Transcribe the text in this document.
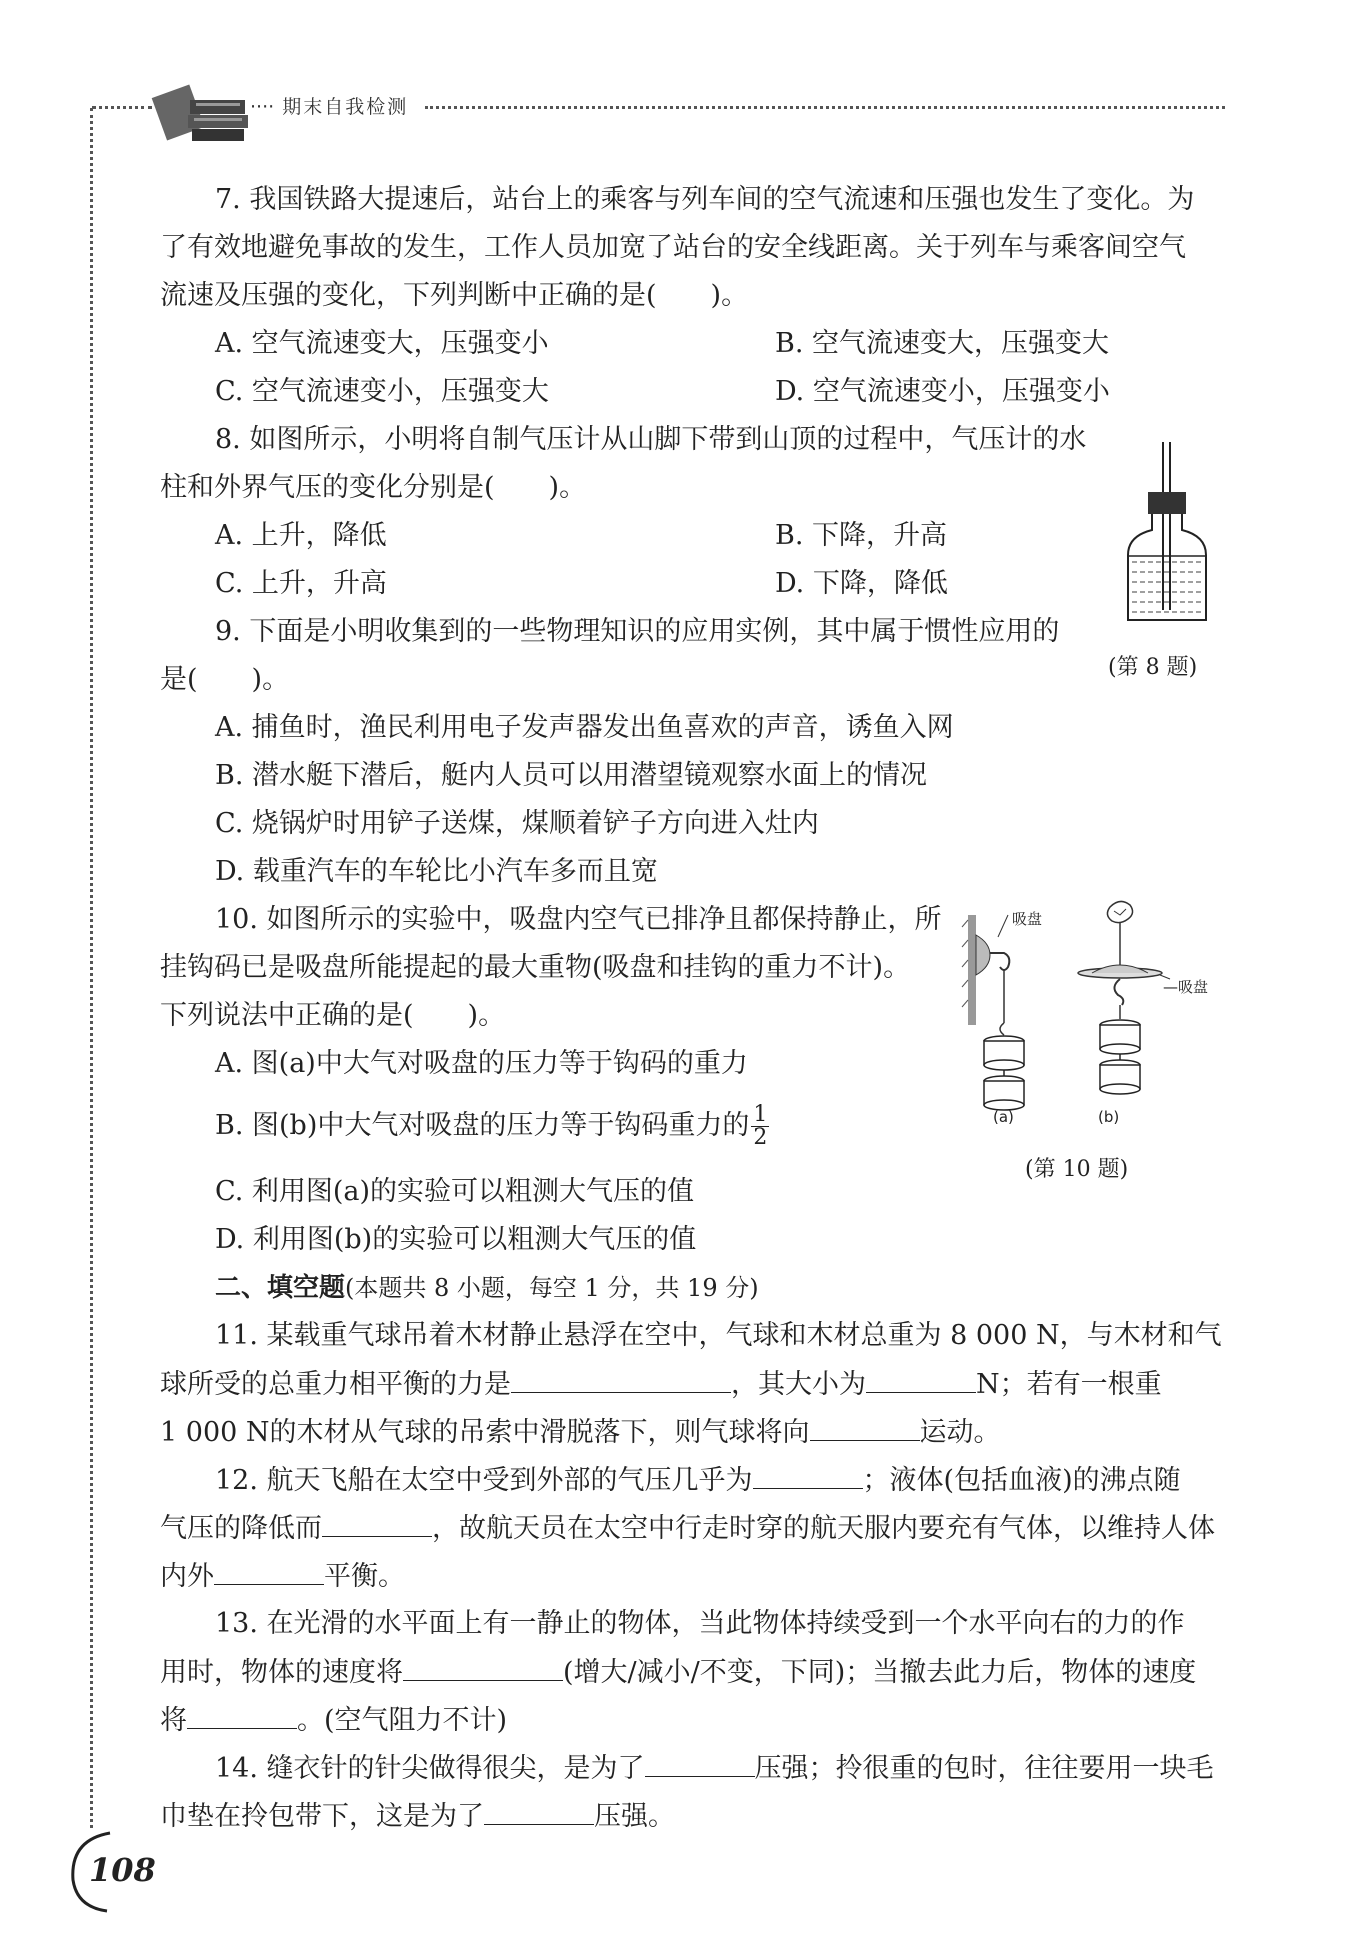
···· 期末自我检测
7. 我国铁路大提速后，站台上的乘客与列车间的空气流速和压强也发生了变化。为
了有效地避免事故的发生，工作人员加宽了站台的安全线距离。关于列车与乘客间空气
流速及压强的变化，下列判断中正确的是(　　)。
A. 空气流速变大，压强变小	B. 空气流速变大，压强变大
C. 空气流速变小，压强变大	D. 空气流速变小，压强变小
8. 如图所示，小明将自制气压计从山脚下带到山顶的过程中，气压计的水
柱和外界气压的变化分别是(　　)。
A. 上升，降低	B. 下降，升高
C. 上升，升高	D. 下降，降低
(第 8 题)
9. 下面是小明收集到的一些物理知识的应用实例，其中属于惯性应用的
是(　　)。
A. 捕鱼时，渔民利用电子发声器发出鱼喜欢的声音，诱鱼入网
B. 潜水艇下潜后，艇内人员可以用潜望镜观察水面上的情况
C. 烧锅炉时用铲子送煤，煤顺着铲子方向进入灶内
D. 载重汽车的车轮比小汽车多而且宽
10. 如图所示的实验中，吸盘内空气已排净且都保持静止，所
挂钩码已是吸盘所能提起的最大重物(吸盘和挂钩的重力不计)。
下列说法中正确的是(　　)。
A. 图(a)中大气对吸盘的压力等于钩码的重力
B. 图(b)中大气对吸盘的压力等于钩码重力的 $\frac{1}{2}$
C. 利用图(a)的实验可以粗测大气压的值
D. 利用图(b)的实验可以粗测大气压的值
吸盘
—吸盘
(a)	(b)
(第 10 题)
二、填空题(本题共 8 小题，每空 1 分，共 19 分)
11. 某载重气球吊着木材静止悬浮在空中，气球和木材总重为 8 000 N，与木材和气
球所受的总重力相平衡的力是	，其大小为	N；若有一根重
1 000 N的木材从气球的吊索中滑脱落下，则气球将向	运动。
12. 航天飞船在太空中受到外部的气压几乎为	；液体(包括血液)的沸点随
气压的降低而	，故航天员在太空中行走时穿的航天服内要充有气体，以维持人体
内外	平衡。
13. 在光滑的水平面上有一静止的物体，当此物体持续受到一个水平向右的力的作
用时，物体的速度将	(增大/减小/不变，下同)；当撤去此力后，物体的速度
将	。(空气阻力不计)
14. 缝衣针的针尖做得很尖，是为了	压强；拎很重的包时，往往要用一块毛
巾垫在拎包带下，这是为了	压强。
108
